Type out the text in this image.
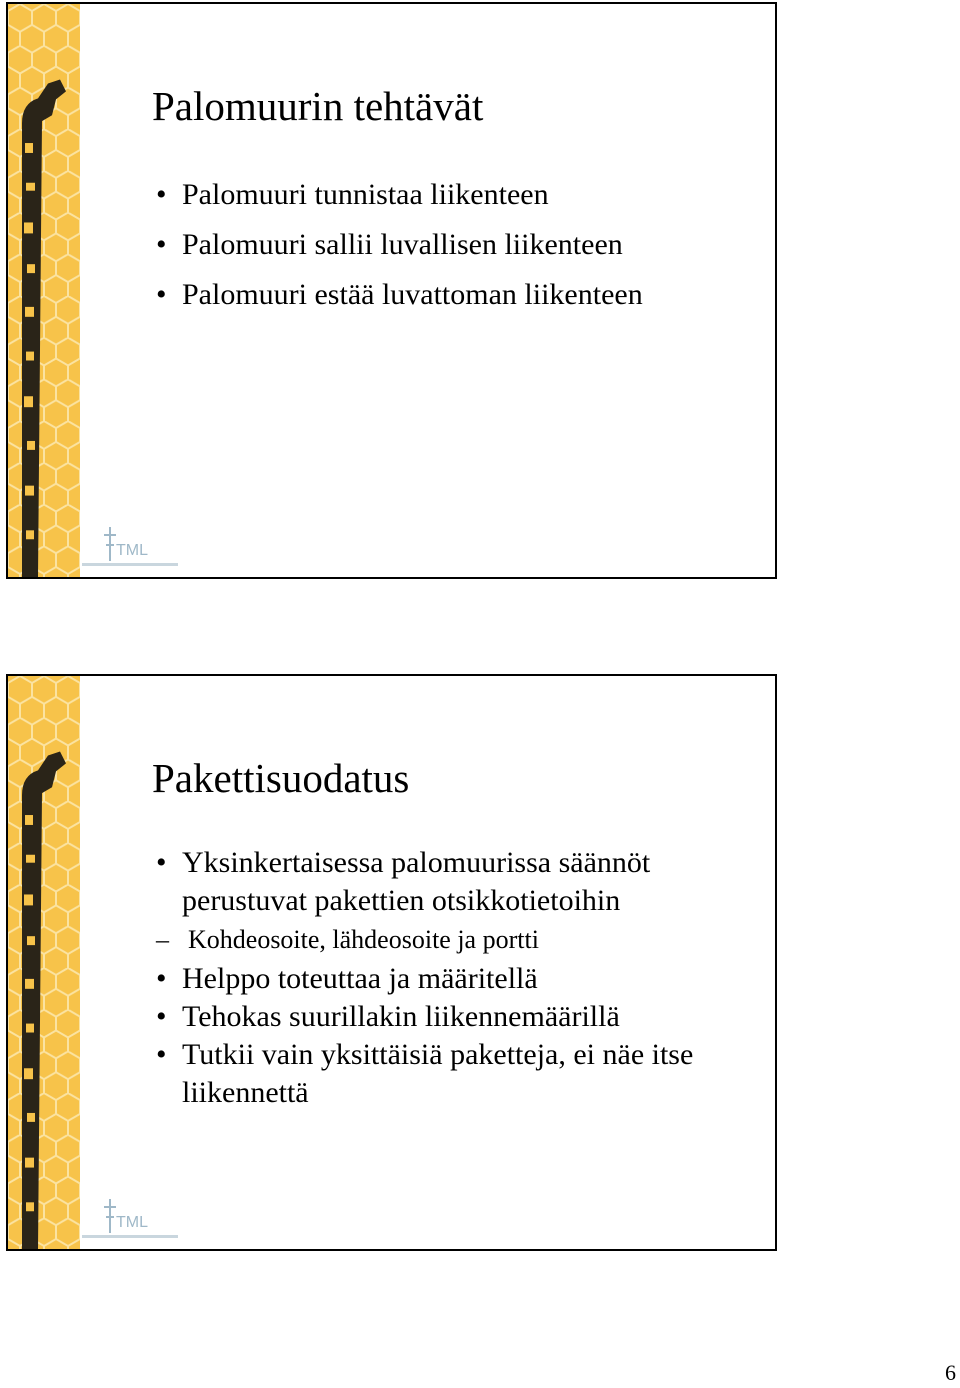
TML
Palomuurin tehtävät
• Palomuuri tunnistaa liikenteen
• Palomuuri sallii luvallisen liikenteen
• Palomuuri estää luvattoman liikenteen
TML
Pakettisuodatus
• Yksinkertaisessa palomuurissa säännöt perustuvat pakettien otsikkotietoihin
– Kohdeosoite, lähdeosoite ja portti
• Helppo toteuttaa ja määritellä
• Tehokas suurillakin liikennemäärillä
• Tutkii vain yksittäisiä paketteja, ei näe itse liikennettä
6
